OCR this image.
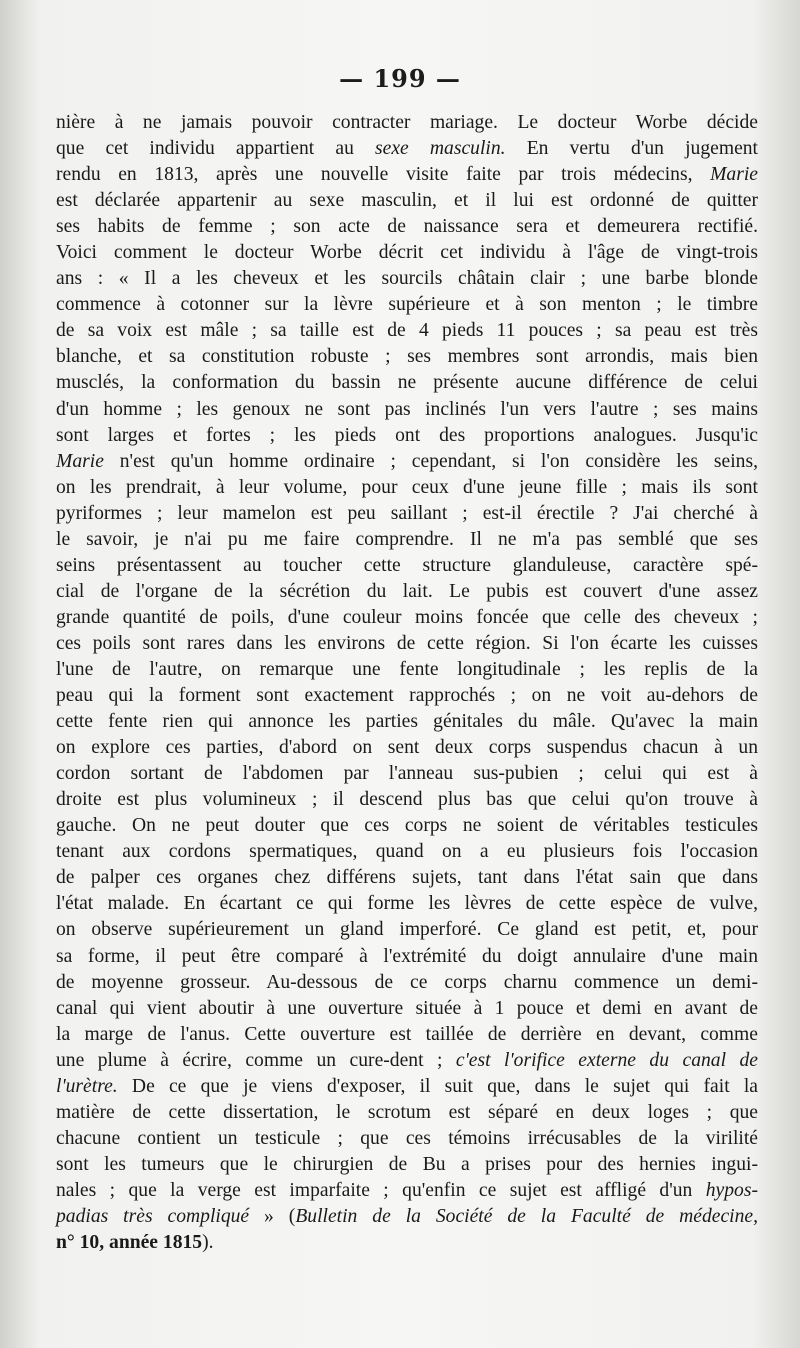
— 199 —
nière à ne jamais pouvoir contracter mariage. Le docteur Worbe décide
que cet individu appartient au sexe masculin. En vertu d'un jugement
rendu en 1813, après une nouvelle visite faite par trois médecins, Marie
est déclarée appartenir au sexe masculin, et il lui est ordonné de quitter
ses habits de femme ; son acte de naissance sera et demeurera rectifié.
Voici comment le docteur Worbe décrit cet individu à l'âge de vingt-trois
ans : « Il a les cheveux et les sourcils châtain clair ; une barbe blonde
commence à cotonner sur la lèvre supérieure et à son menton ; le timbre
de sa voix est mâle ; sa taille est de 4 pieds 11 pouces ; sa peau est très
blanche, et sa constitution robuste ; ses membres sont arrondis, mais bien
musclés, la conformation du bassin ne présente aucune différence de celui
d'un homme ; les genoux ne sont pas inclinés l'un vers l'autre ; ses mains
sont larges et fortes ; les pieds ont des proportions analogues. Jusqu'ic
Marie n'est qu'un homme ordinaire ; cependant, si l'on considère les seins,
on les prendrait, à leur volume, pour ceux d'une jeune fille ; mais ils sont
pyriformes ; leur mamelon est peu saillant ; est-il érectile ? J'ai cherché à
le savoir, je n'ai pu me faire comprendre. Il ne m'a pas semblé que ses
seins présentassent au toucher cette structure glanduleuse, caractère spé-
cial de l'organe de la sécrétion du lait. Le pubis est couvert d'une assez
grande quantité de poils, d'une couleur moins foncée que celle des cheveux ;
ces poils sont rares dans les environs de cette région. Si l'on écarte les cuisses
l'une de l'autre, on remarque une fente longitudinale ; les replis de la
peau qui la forment sont exactement rapprochés ; on ne voit au-dehors de
cette fente rien qui annonce les parties génitales du mâle. Qu'avec la main
on explore ces parties, d'abord on sent deux corps suspendus chacun à un
cordon sortant de l'abdomen par l'anneau sus-pubien ; celui qui est à
droite est plus volumineux ; il descend plus bas que celui qu'on trouve à
gauche. On ne peut douter que ces corps ne soient de véritables testicules
tenant aux cordons spermatiques, quand on a eu plusieurs fois l'occasion
de palper ces organes chez différens sujets, tant dans l'état sain que dans
l'état malade. En écartant ce qui forme les lèvres de cette espèce de vulve,
on observe supérieurement un gland imperforé. Ce gland est petit, et, pour
sa forme, il peut être comparé à l'extrémité du doigt annulaire d'une main
de moyenne grosseur. Au-dessous de ce corps charnu commence un demi-
canal qui vient aboutir à une ouverture située à 1 pouce et demi en avant de
la marge de l'anus. Cette ouverture est taillée de derrière en devant, comme
une plume à écrire, comme un cure-dent ; c'est l'orifice externe du canal de
l'urètre. De ce que je viens d'exposer, il suit que, dans le sujet qui fait la
matière de cette dissertation, le scrotum est séparé en deux loges ; que
chacune contient un testicule ; que ces témoins irrécusables de la virilité
sont les tumeurs que le chirurgien de Bu a prises pour des hernies ingui-
nales ; que la verge est imparfaite ; qu'enfin ce sujet est affligé d'un hypos-
padias très compliqué » (Bulletin de la Société de la Faculté de médecine,
n° 10, année 1815).
